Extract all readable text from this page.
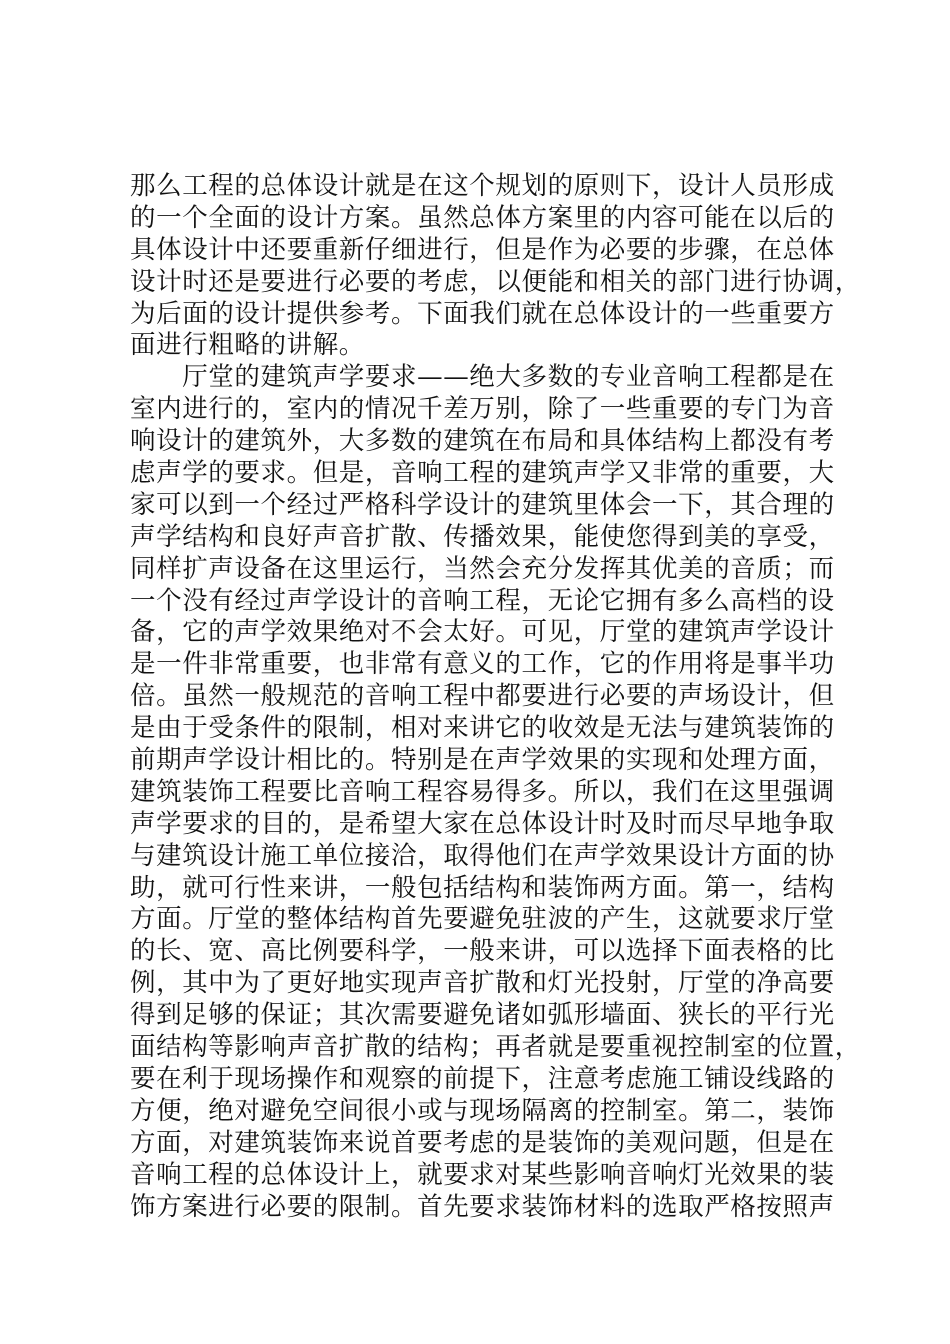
那么工程的总体设计就是在这个规划的原则下，设计人员形成
的一个全面的设计方案。虽然总体方案里的内容可能在以后的
具体设计中还要重新仔细进行，但是作为必要的步骤，在总体
设计时还是要进行必要的考虑，以便能和相关的部门进行协调，
为后面的设计提供参考。下面我们就在总体设计的一些重要方
面进行粗略的讲解。
　　厅堂的建筑声学要求——绝大多数的专业音响工程都是在
室内进行的，室内的情况千差万别，除了一些重要的专门为音
响设计的建筑外，大多数的建筑在布局和具体结构上都没有考
虑声学的要求。但是，音响工程的建筑声学又非常的重要，大
家可以到一个经过严格科学设计的建筑里体会一下，其合理的
声学结构和良好声音扩散、传播效果，能使您得到美的享受，
同样扩声设备在这里运行，当然会充分发挥其优美的音质；而
一个没有经过声学设计的音响工程，无论它拥有多么高档的设
备，它的声学效果绝对不会太好。可见，厅堂的建筑声学设计
是一件非常重要，也非常有意义的工作，它的作用将是事半功
倍。虽然一般规范的音响工程中都要进行必要的声场设计，但
是由于受条件的限制，相对来讲它的收效是无法与建筑装饰的
前期声学设计相比的。特别是在声学效果的实现和处理方面，
建筑装饰工程要比音响工程容易得多。所以，我们在这里强调
声学要求的目的，是希望大家在总体设计时及时而尽早地争取
与建筑设计施工单位接洽，取得他们在声学效果设计方面的协
助，就可行性来讲，一般包括结构和装饰两方面。第一，结构
方面。厅堂的整体结构首先要避免驻波的产生，这就要求厅堂
的长、宽、高比例要科学，一般来讲，可以选择下面表格的比
例，其中为了更好地实现声音扩散和灯光投射，厅堂的净高要
得到足够的保证；其次需要避免诸如弧形墙面、狭长的平行光
面结构等影响声音扩散的结构；再者就是要重视控制室的位置，
要在利于现场操作和观察的前提下，注意考虑施工铺设线路的
方便，绝对避免空间很小或与现场隔离的控制室。第二，装饰
方面，对建筑装饰来说首要考虑的是装饰的美观问题，但是在
音响工程的总体设计上，就要求对某些影响音响灯光效果的装
饰方案进行必要的限制。首先要求装饰材料的选取严格按照声
